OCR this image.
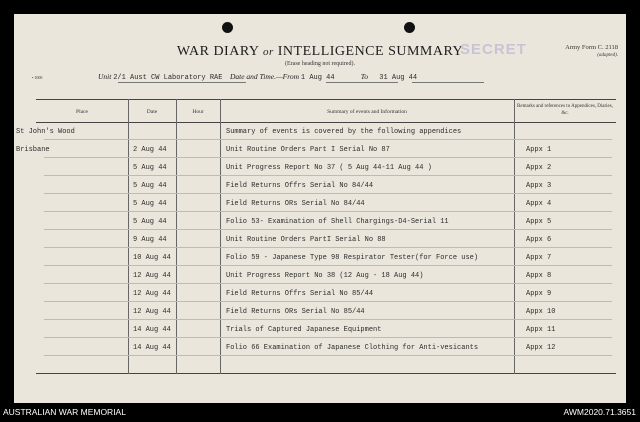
WAR DIARY or INTELLIGENCE SUMMARY
(Erase heading not required).
SECRET	Army Form C. 2118
(adapted).
• 1000	Unit 2/1 Aust CW Laboratory RAE Date and Time.—From 1 Aug 44	To 31 Aug 44
Place	Date	Hour	Summary of events and Information
Remarks and references to Appendices, Diaries, &c.
St John's Wood	Summary of events is covered by the following appendices
Brisbane	2 Aug 44	Unit Routine Orders Part I Serial No 87	Appx 1
5 Aug 44	Unit Progress Report No 37 ( 5 Aug 44-11 Aug 44 )	Appx 2
5 Aug 44	Field Returns Offrs Serial No 84/44	Appx 3
5 Aug 44	Field Returns ORs Serial No 84/44	Appx 4
5 Aug 44	Folio 53- Examination of Shell Chargings-D4-Serial 11	Appx 5
9 Aug 44	Unit Routine Orders PartI Serial No 88	Appx 6
10 Aug 44	Folio 59 - Japanese Type 98 Respirator Tester(for Force use)	Appx 7
12 Aug 44	Unit Progress Report No 38 (12 Aug - 18 Aug 44)	Appx 8
12 Aug 44	Field Returns Offrs Serial No 85/44	Appx 9
12 Aug 44	Field Returns ORs Serial No 85/44	Appx 10
14 Aug 44	Trials of Captured Japanese Equipment	Appx 11
14 Aug 44	Folio 66 Examination of Japanese Clothing for Anti-vesicants	Appx 12
AUSTRALIAN WAR MEMORIAL	AWM2020.71.3651
